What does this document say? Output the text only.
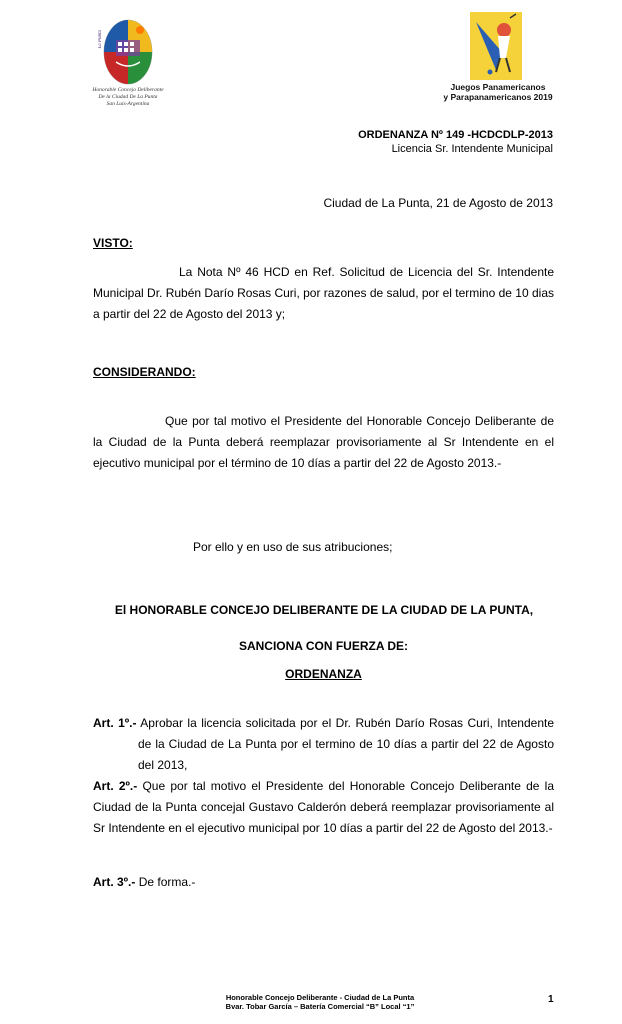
La Punta
Honorable Concejo Deliberante
De la Ciudad De La Punta
San Luis-Argentina
Juegos Panamericanos
y Parapanamericanos 2019
ORDENANZA Nº 149 -HCDCDLP-2013
Licencia Sr. Intendente Municipal
Ciudad de La Punta, 21 de Agosto de 2013
VISTO:
La Nota Nº 46 HCD en Ref. Solicitud de Licencia del Sr. Intendente
Municipal Dr. Rubén Darío Rosas Curi, por razones de salud, por el termino de 10 dias a partir del 22 de Agosto del 2013 y;
CONSIDERANDO:
Que por tal motivo el Presidente del Honorable Concejo Deliberante de
la Ciudad de la Punta deberá reemplazar provisoriamente al Sr Intendente en el ejecutivo municipal por el término de 10 días a partir del 22 de Agosto 2013.-
Por ello y en uso de sus atribuciones;
El HONORABLE CONCEJO DELIBERANTE DE LA CIUDAD DE LA PUNTA,
SANCIONA CON FUERZA DE:
ORDENANZA
Art. 1º.- Aprobar la licencia solicitada por el Dr. Rubén Darío Rosas Curi, Intendente
de la Ciudad de La Punta por el termino de 10 días a partir del 22 de Agosto del 2013,
Art. 2º.- Que por tal motivo el Presidente del Honorable Concejo Deliberante de la Ciudad de la Punta concejal Gustavo Calderón deberá reemplazar provisoriamente al Sr Intendente en el ejecutivo municipal por 10 días a partir del 22 de Agosto del 2013.-
Art. 3º.- De forma.-
Honorable Concejo Deliberante - Ciudad de La Punta
Bvar. Tobar García – Batería Comercial “B” Local “1”
1
